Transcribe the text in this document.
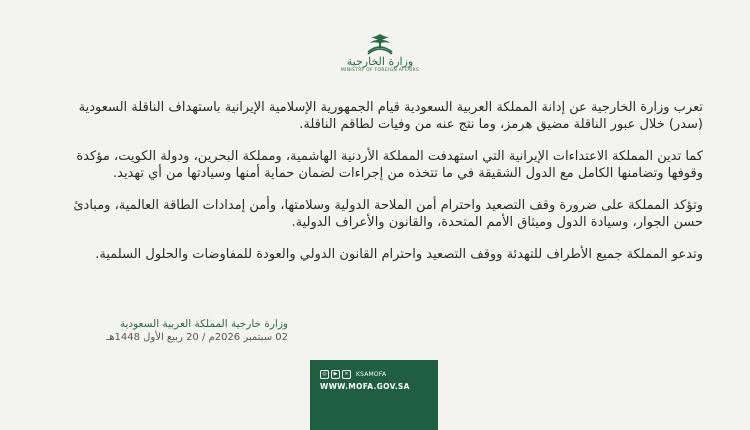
وزارة الخارجية
MINISTRY OF FOREIGN AFFAIRS

تعرب وزارة الخارجية عن إدانة المملكة العربية السعودية قيام الجمهورية الإسلامية الإيرانية باستهداف الناقلة السعودية (سدر) خلال عبور الناقلة مضيق هرمز، وما نتج عنه من وفيات لطاقم الناقلة.

كما تدين المملكة الاعتداءات الإيرانية التي استهدفت المملكة الأردنية الهاشمية، ومملكة البحرين، ودولة الكويت، مؤكدة وقوفها وتضامنها الكامل مع الدول الشقيقة في ما تتخذه من إجراءات لضمان حماية أمنها وسيادتها من أي تهديد.

وتؤكد المملكة على ضرورة وقف التصعيد واحترام أمن الملاحة الدولية وسلامتها، وأمن إمدادات الطاقة العالمية، ومبادئ حسن الجوار، وسيادة الدول وميثاق الأمم المتحدة، والقانون والأعراف الدولية.

وتدعو المملكة جميع الأطراف للتهدئة ووقف التصعيد واحترام القانون الدولي والعودة للمفاوضات والحلول السلمية.

وزارة خارجية المملكة العربية السعودية
02 سبتمبر 2026م / 20 ربيع الأول 1448هـ
◎	▶	✕	KSAMOFA
WWW.MOFA.GOV.SA
